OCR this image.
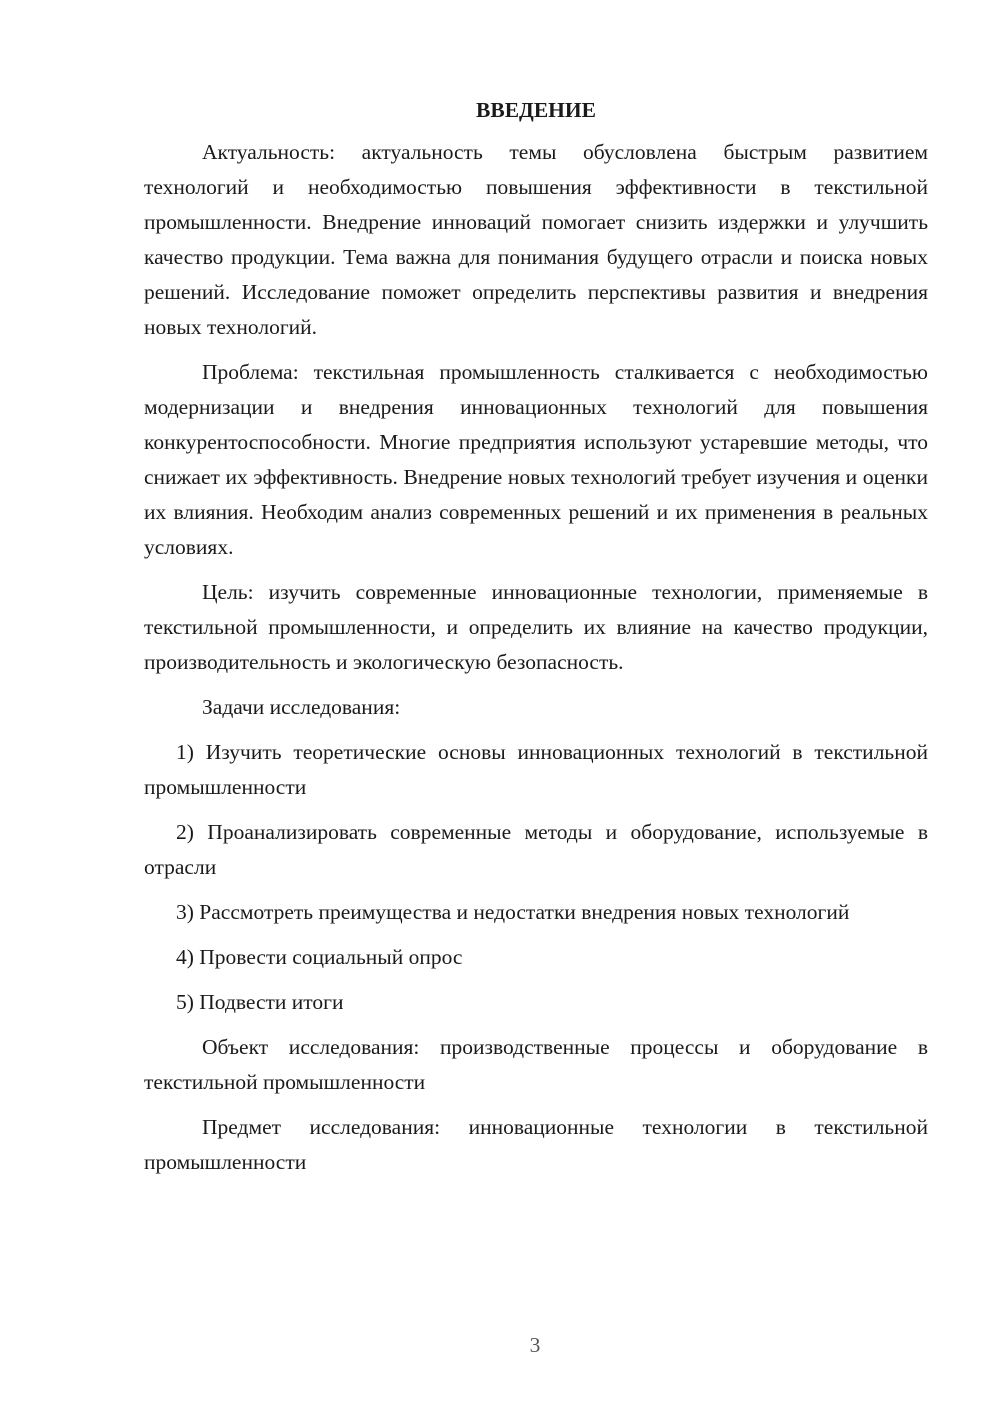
ВВЕДЕНИЕ

Актуальность: актуальность темы обусловлена быстрым развитием технологий и необходимостью повышения эффективности в текстильной промышленности. Внедрение инноваций помогает снизить издержки и улучшить качество продукции. Тема важна для понимания будущего отрасли и поиска новых решений. Исследование поможет определить перспективы развития и внедрения новых технологий.

Проблема: текстильная промышленность сталкивается с необходимостью модернизации и внедрения инновационных технологий для повышения конкурентоспособности. Многие предприятия используют устаревшие методы, что снижает их эффективность. Внедрение новых технологий требует изучения и оценки их влияния. Необходим анализ современных решений и их применения в реальных условиях.

Цель: изучить современные инновационные технологии, применяемые в текстильной промышленности, и определить их влияние на качество продукции, производительность и экологическую безопасность.

Задачи исследования:

1) Изучить теоретические основы инновационных технологий в текстильной промышленности

2) Проанализировать современные методы и оборудование, используемые в отрасли

3) Рассмотреть преимущества и недостатки внедрения новых технологий

4) Провести социальный опрос

5) Подвести итоги

Объект исследования: производственные процессы и оборудование в текстильной промышленности

Предмет исследования: инновационные технологии в текстильной промышленности

3
